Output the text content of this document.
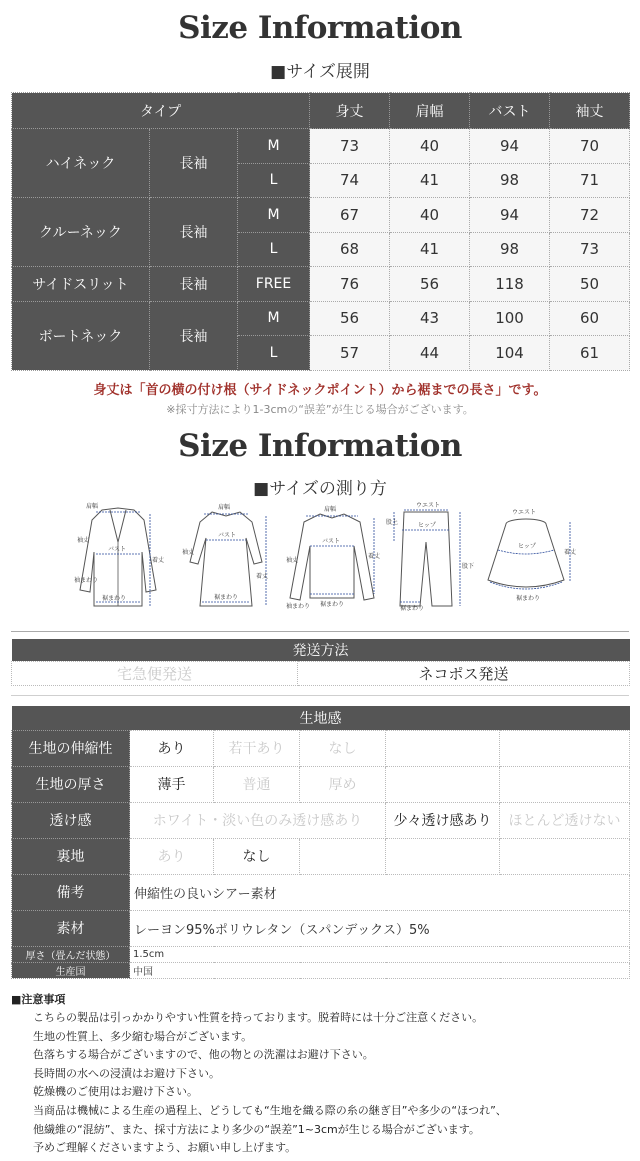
Size Information
■サイズ展開
タイプ			身丈	肩幅	バスト	袖丈
ハイネック	長袖	M	73	40	94	70
		L	74	41	98	71
クルーネック	長袖	M	67	40	94	72
		L	68	41	98	73
サイドスリット	長袖	FREE	76	56	118	50
ボートネック	長袖	M	56	43	100	60
		L	57	44	104	61
身丈は「首の横の付け根（サイドネックポイント）から裾までの長さ」です。
※採寸方法により1-3cmの“誤差”が生じる場合がございます。
Size Information
■サイズの測り方
肩幅
袖丈
バスト
着丈
袖まわり
裾まわり
肩幅
バスト
袖丈
着丈
裾まわり
肩幅
バスト
袖丈
着丈
袖まわり 裾まわり
ウエスト
ヒップ
股上
股下
裾まわり
ウエスト
ヒップ
着丈
裾まわり
発送方法
宅急便発送	ネコポス発送
生地感					
生地の伸縮性	あり	若干あり	なし		
生地の厚さ	薄手	普通	厚め		
透け感	ホワイト・淡い色のみ透け感あり			少々透け感あり	ほとんど透けない
裏地	あり	なし			
備考	伸縮性の良いシアー素材				
素材	レーヨン95%ポリウレタン（スパンデックス）5%				
厚さ（畳んだ状態）	1.5cm				
生産国	中国				
■注意事項
こちらの製品は引っかかりやすい性質を持っております。脱着時には十分ご注意ください。
生地の性質上、多少縮む場合がございます。
色落ちする場合がございますので、他の物との洗濯はお避け下さい。
長時間の水への浸漬はお避け下さい。
乾燥機のご使用はお避け下さい。
当商品は機械による生産の過程上、どうしても“生地を織る際の糸の継ぎ目”や多少の“ほつれ”、
他繊維の“混紡”、また、採寸方法により多少の“誤差”1~3cmが生じる場合がございます。
予めご理解くださいますよう、お願い申し上げます。
